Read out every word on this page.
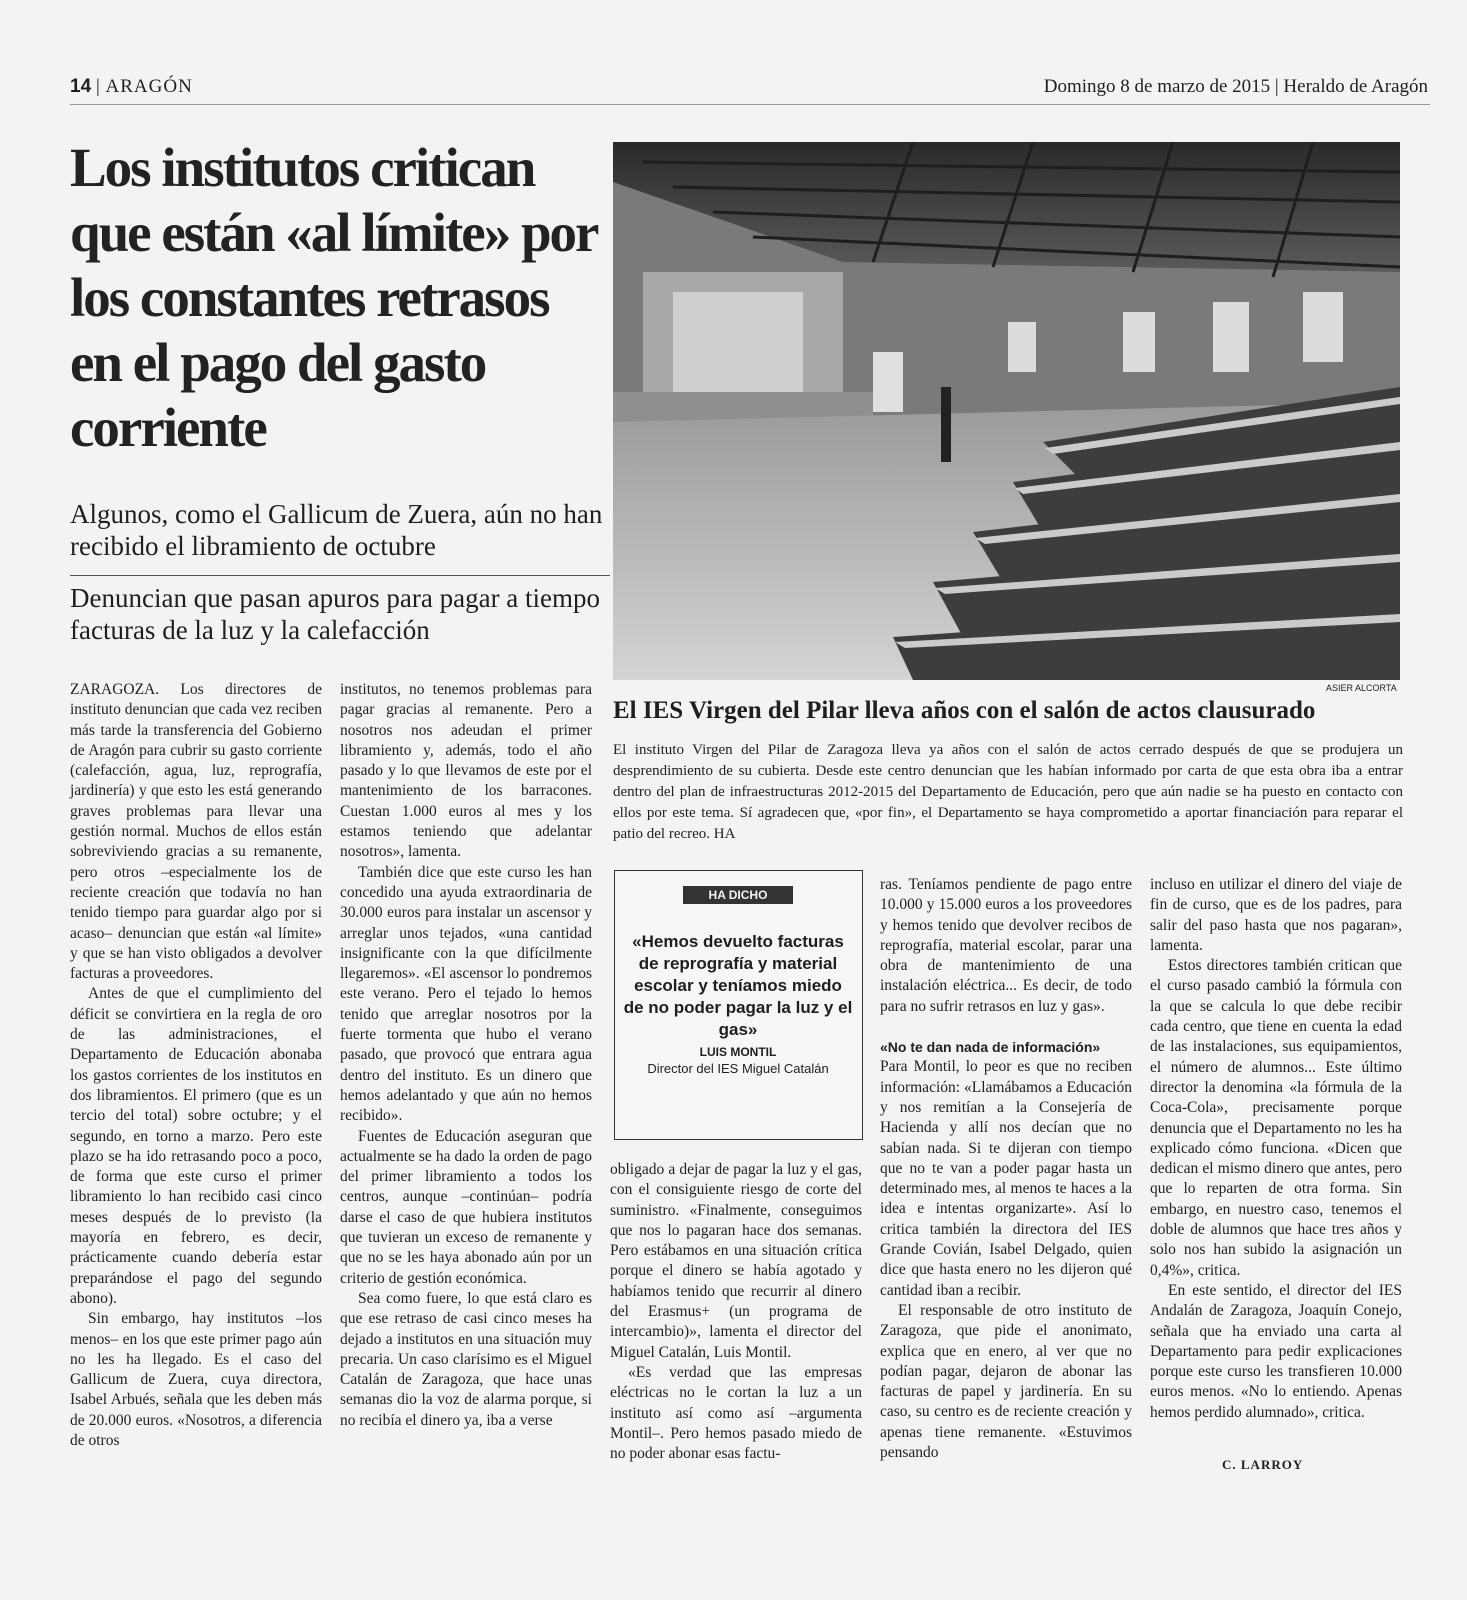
14 | ARAGÓN	Domingo 8 de marzo de 2015 | Heraldo de Aragón
Los institutos critican que están «al límite» por los constantes retrasos en el pago del gasto corriente
Algunos, como el Gallicum de Zuera, aún no han recibido el libramiento de octubre
Denuncian que pasan apuros para pagar a tiempo facturas de la luz y la calefacción
ASIER ALCORTA
El IES Virgen del Pilar lleva años con el salón de actos clausurado
El instituto Virgen del Pilar de Zaragoza lleva ya años con el salón de actos cerrado después de que se produjera un desprendimiento de su cubierta. Desde este centro denuncian que les habían informado por carta de que esta obra iba a entrar dentro del plan de infraestructuras 2012-2015 del Departamento de Educación, pero que aún nadie se ha puesto en contacto con ellos por este tema. Sí agradecen que, «por fin», el Departamento se haya comprometido a aportar financiación para reparar el patio del recreo. HA

ZARAGOZA. Los directores de instituto denuncian que cada vez reciben más tarde la transferencia del Gobierno de Aragón para cubrir su gasto corriente (calefacción, agua, luz, reprografía, jardinería) y que esto les está generando graves problemas para llevar una gestión normal. Muchos de ellos están sobreviviendo gracias a su remanente, pero otros –especialmente los de reciente creación que todavía no han tenido tiempo para guardar algo por si acaso– denuncian que están «al límite» y que se han visto obligados a devolver facturas a proveedores.

Antes de que el cumplimiento del déficit se convirtiera en la regla de oro de las administraciones, el Departamento de Educación abonaba los gastos corrientes de los institutos en dos libramientos. El primero (que es un tercio del total) sobre octubre; y el segundo, en torno a marzo. Pero este plazo se ha ido retrasando poco a poco, de forma que este curso el primer libramiento lo han recibido casi cinco meses después de lo previsto (la mayoría en febrero, es decir, prácticamente cuando debería estar preparándose el pago del segundo abono).

Sin embargo, hay institutos –los menos– en los que este primer pago aún no les ha llegado. Es el caso del Gallicum de Zuera, cuya directora, Isabel Arbués, señala que les deben más de 20.000 euros. «Nosotros, a diferencia de otros

institutos, no tenemos problemas para pagar gracias al remanente. Pero a nosotros nos adeudan el primer libramiento y, además, todo el año pasado y lo que llevamos de este por el mantenimiento de los barracones. Cuestan 1.000 euros al mes y los estamos teniendo que adelantar nosotros», lamenta.

También dice que este curso les han concedido una ayuda extraordinaria de 30.000 euros para instalar un ascensor y arreglar unos tejados, «una cantidad insignificante con la que difícilmente llegaremos». «El ascensor lo pondremos este verano. Pero el tejado lo hemos tenido que arreglar nosotros por la fuerte tormenta que hubo el verano pasado, que provocó que entrara agua dentro del instituto. Es un dinero que hemos adelantado y que aún no hemos recibido».

Fuentes de Educación aseguran que actualmente se ha dado la orden de pago del primer libramiento a todos los centros, aunque –continúan– podría darse el caso de que hubiera institutos que tuvieran un exceso de remanente y que no se les haya abonado aún por un criterio de gestión económica.

Sea como fuere, lo que está claro es que ese retraso de casi cinco meses ha dejado a institutos en una situación muy precaria. Un caso clarísimo es el Miguel Catalán de Zaragoza, que hace unas semanas dio la voz de alarma porque, si no recibía el dinero ya, iba a verse

HA DICHO
«Hemos devuelto facturas de reprografía y material escolar y teníamos miedo de no poder pagar la luz y el gas»
LUIS MONTIL
Director del IES Miguel Catalán

obligado a dejar de pagar la luz y el gas, con el consiguiente riesgo de corte del suministro. «Finalmente, conseguimos que nos lo pagaran hace dos semanas. Pero estábamos en una situación crítica porque el dinero se había agotado y habíamos tenido que recurrir al dinero del Erasmus+ (un programa de intercambio)», lamenta el director del Miguel Catalán, Luis Montil.

«Es verdad que las empresas eléctricas no le cortan la luz a un instituto así como así –argumenta Montil–. Pero hemos pasado miedo de no poder abonar esas factu-

ras. Teníamos pendiente de pago entre 10.000 y 15.000 euros a los proveedores y hemos tenido que devolver recibos de reprografía, material escolar, parar una obra de mantenimiento de una instalación eléctrica... Es decir, de todo para no sufrir retrasos en luz y gas».

«No te dan nada de información»

Para Montil, lo peor es que no reciben información: «Llamábamos a Educación y nos remitían a la Consejería de Hacienda y allí nos decían que no sabían nada. Si te dijeran con tiempo que no te van a poder pagar hasta un determinado mes, al menos te haces a la idea e intentas organizarte». Así lo critica también la directora del IES Grande Covián, Isabel Delgado, quien dice que hasta enero no les dijeron qué cantidad iban a recibir.

El responsable de otro instituto de Zaragoza, que pide el anonimato, explica que en enero, al ver que no podían pagar, dejaron de abonar las facturas de papel y jardinería. En su caso, su centro es de reciente creación y apenas tiene remanente. «Estuvimos pensando

incluso en utilizar el dinero del viaje de fin de curso, que es de los padres, para salir del paso hasta que nos pagaran», lamenta.

Estos directores también critican que el curso pasado cambió la fórmula con la que se calcula lo que debe recibir cada centro, que tiene en cuenta la edad de las instalaciones, sus equipamientos, el número de alumnos... Este último director la denomina «la fórmula de la Coca-Cola», precisamente porque denuncia que el Departamento no les ha explicado cómo funciona. «Dicen que dedican el mismo dinero que antes, pero que lo reparten de otra forma. Sin embargo, en nuestro caso, tenemos el doble de alumnos que hace tres años y solo nos han subido la asignación un 0,4%», critica.

En este sentido, el director del IES Andalán de Zaragoza, Joaquín Conejo, señala que ha enviado una carta al Departamento para pedir explicaciones porque este curso les transfieren 10.000 euros menos. «No lo entiendo. Apenas hemos perdido alumnado», critica.

C. LARROY
